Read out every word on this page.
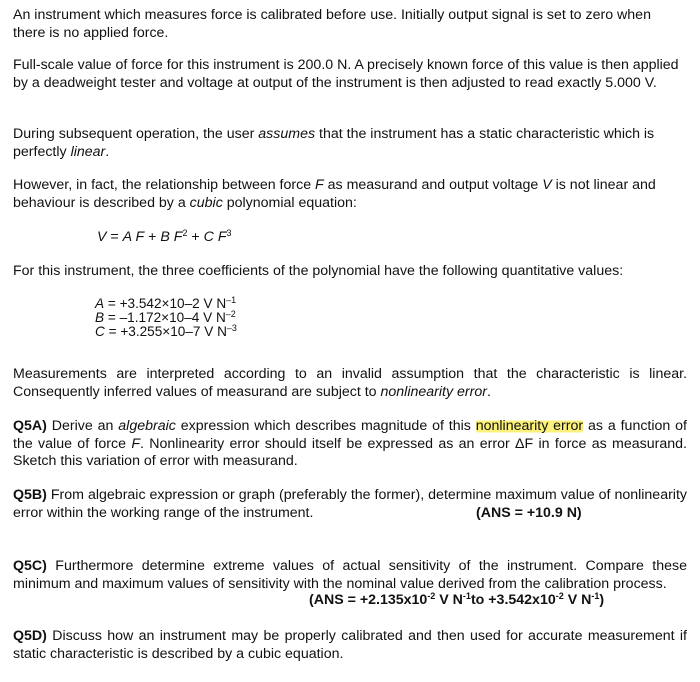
An instrument which measures force is calibrated before use. Initially output signal is set to zero when there is no applied force.
Full-scale value of force for this instrument is 200.0 N. A precisely known force of this value is then applied by a deadweight tester and voltage at output of the instrument is then adjusted to read exactly 5.000 V.
During subsequent operation, the user assumes that the instrument has a static characteristic which is perfectly linear.
However, in fact, the relationship between force F as measurand and output voltage V is not linear and behaviour is described by a cubic polynomial equation:
V = A F + B $F^2 + C$ $F^3$
For this instrument, the three coefficients of the polynomial have the following quantitative values:
A = +3.542×10–2 V $N^{-1}$
B = –1.172×10–4 V $N^{-2}$
C = +3.255×10–7 V $N^{-3}$
Measurements are interpreted according to an invalid assumption that the characteristic is linear. Consequently inferred values of measurand are subject to nonlinearity error.
Q5A) Derive an algebraic expression which describes magnitude of this nonlinearity error as a function of the value of force F. Nonlinearity error should itself be expressed as an error ΔF in force as measurand. Sketch this variation of error with measurand.
Q5B) From algebraic expression or graph (preferably the former), determine maximum value of nonlinearity error within the working range of the instrument.	(ANS = +10.9 N)
Q5C) Furthermore determine extreme values of actual sensitivity of the instrument. Compare these minimum and maximum values of sensitivity with the nominal value derived from the calibration process.
($ANS = +2.135x10^{-2}$ V $N^{-1}to +3.542x10^{-2}$ V $N^{-1}$)
Q5D) Discuss how an instrument may be properly calibrated and then used for accurate measurement if static characteristic is described by a cubic equation.
